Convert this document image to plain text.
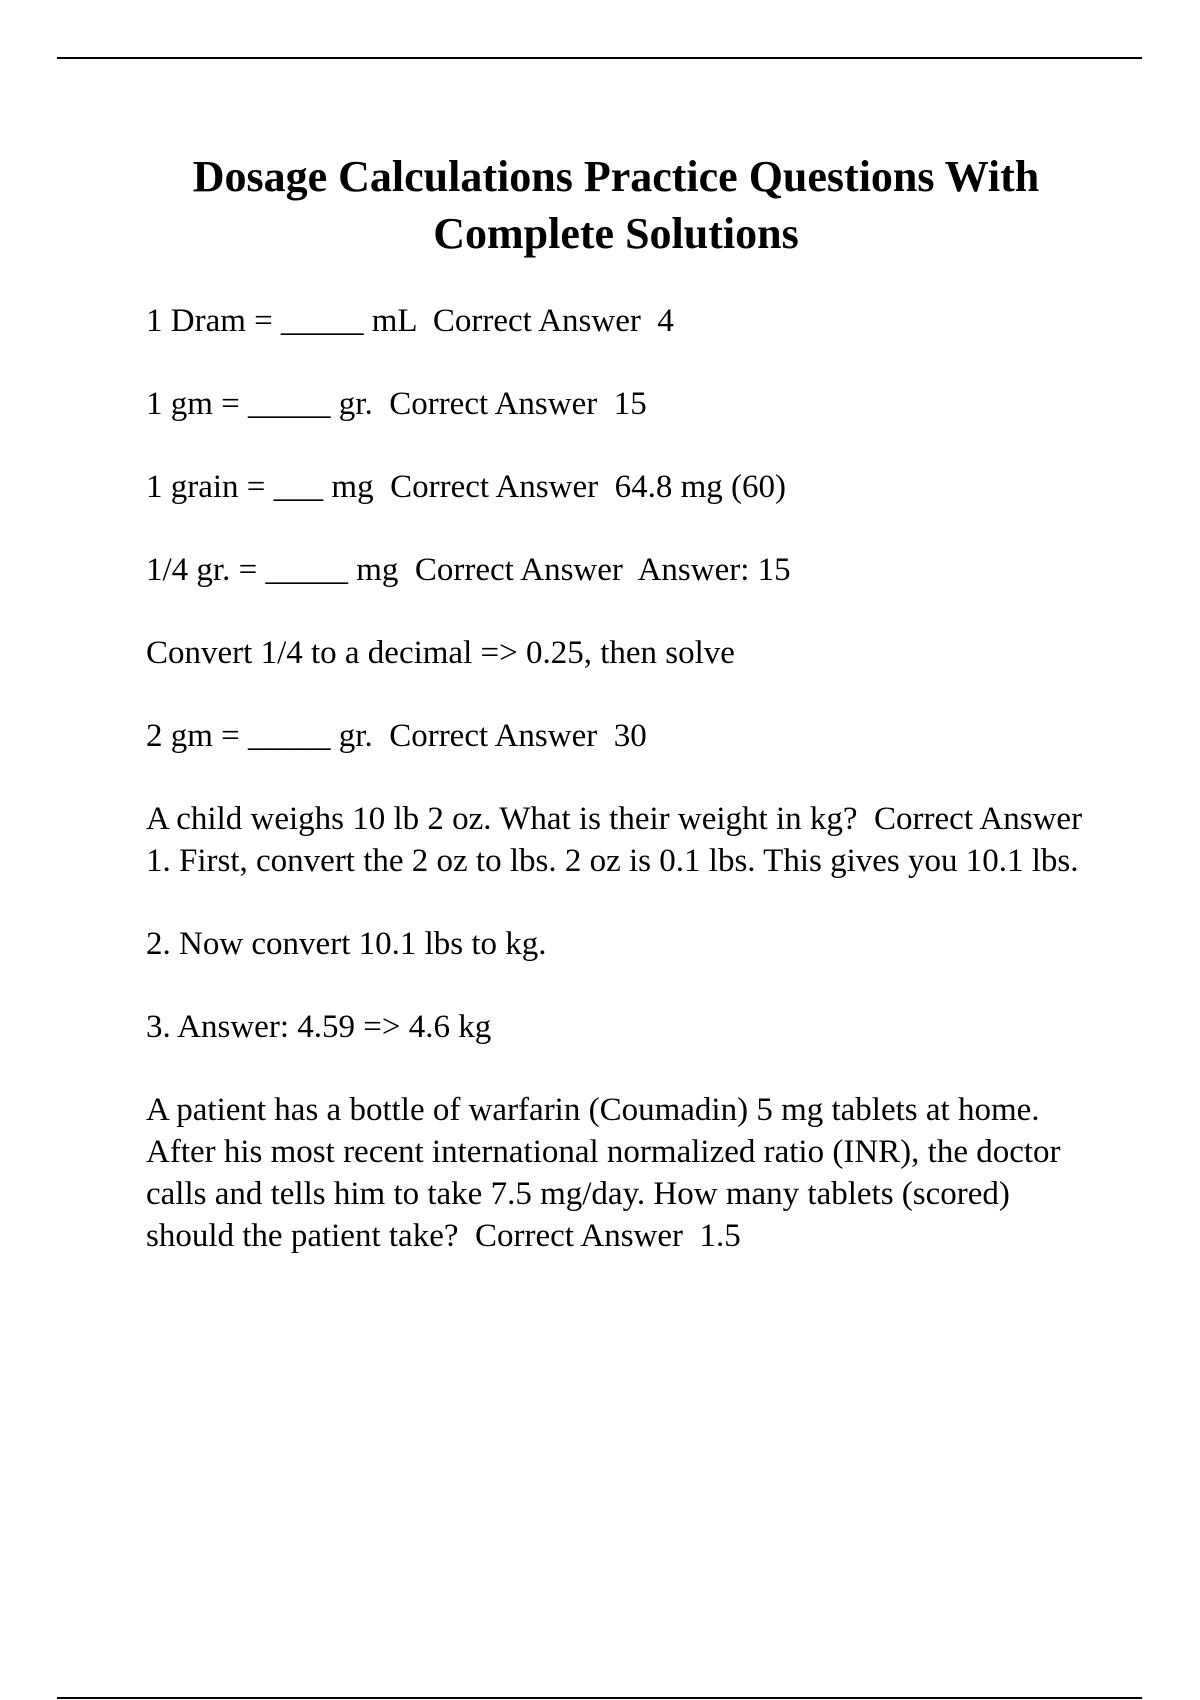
Dosage Calculations Practice Questions With
Complete Solutions

1 Dram = _____ mL  Correct Answer  4

1 gm = _____ gr.  Correct Answer  15

1 grain = ___ mg  Correct Answer  64.8 mg (60)

1/4 gr. = _____ mg  Correct Answer  Answer: 15

Convert 1/4 to a decimal => 0.25, then solve

2 gm = _____ gr.  Correct Answer  30

A child weighs 10 lb 2 oz. What is their weight in kg?  Correct Answer  1. First, convert the 2 oz to lbs. 2 oz is 0.1 lbs. This gives you 10.1 lbs.

2. Now convert 10.1 lbs to kg.

3. Answer: 4.59 => 4.6 kg

A patient has a bottle of warfarin (Coumadin) 5 mg tablets at home. After his most recent international normalized ratio (INR), the doctor calls and tells him to take 7.5 mg/day. How many tablets (scored) should the patient take?  Correct Answer  1.5
